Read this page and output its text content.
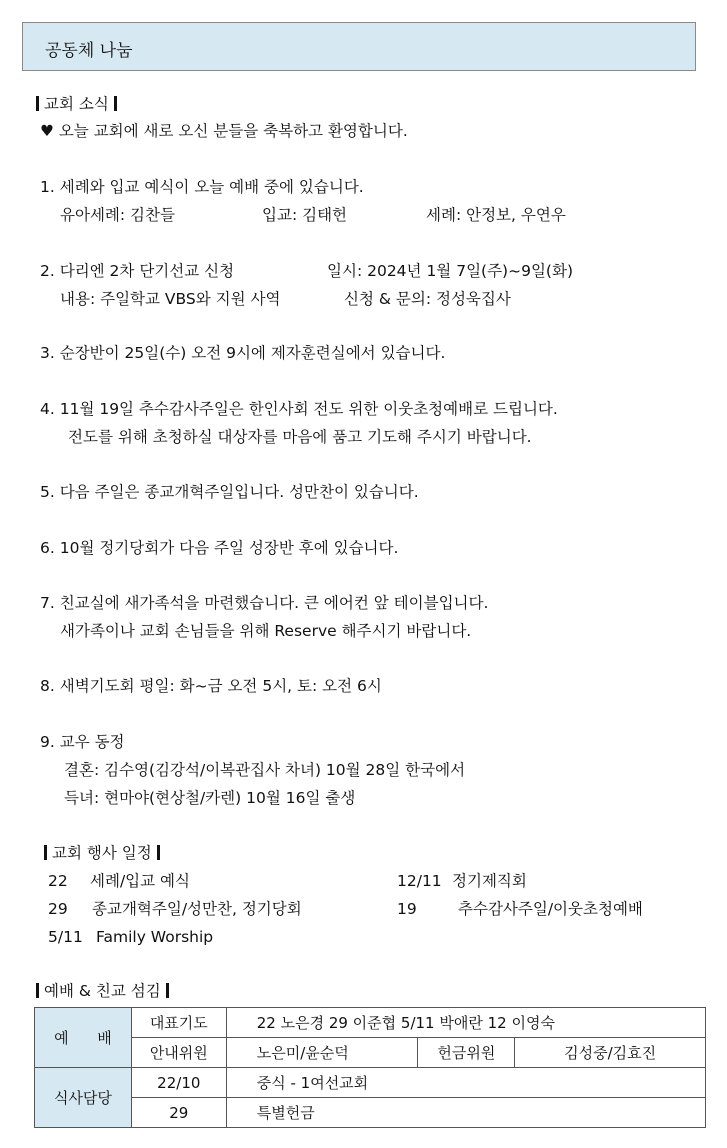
공동체 나눔
교회 소식
♥ 오늘 교회에 새로 오신 분들을 축복하고 환영합니다.
1. 세례와 입교 예식이 오늘 예배 중에 있습니다.
유아세례: 김찬들	입교: 김태헌	세례: 안정보, 우연우
2. 다리엔 2차 단기선교 신청	일시: 2024년 1월 7일(주)~9일(화)
내용: 주일학교 VBS와 지원 사역	신청 & 문의: 정성욱집사
3. 순장반이 25일(수) 오전 9시에 제자훈련실에서 있습니다.
4. 11월 19일 추수감사주일은 한인사회 전도 위한 이웃초청예배로 드립니다.
전도를 위해 초청하실 대상자를 마음에 품고 기도해 주시기 바랍니다.
5. 다음 주일은 종교개혁주일입니다. 성만찬이 있습니다.
6. 10월 정기당회가 다음 주일 성장반 후에 있습니다.
7. 친교실에 새가족석을 마련했습니다. 큰 에어컨 앞 테이블입니다.
새가족이나 교회 손님들을 위해 Reserve 해주시기 바랍니다.
8. 새벽기도회 평일: 화~금 오전 5시, 토: 오전 6시
9. 교우 동정
결혼: 김수영(김강석/이복관집사 차녀) 10월 28일 한국에서
득녀: 현마야(현상철/카렌) 10월 16일 출생
교회 행사 일정
22 세례/입교 예식	12/11 정기제직회
29 종교개혁주일/성만찬, 정기당회	19	추수감사주일/이웃초청예배
5/11 Family Worship
예배 & 친교 섬김
예      배	대표기도	22 노은경 29 이준협 5/11 박애란 12 이영숙		
	안내위원	노은미/윤순덕	헌금위원	김성중/김효진
식사담당	22/10	중식 - 1여선교회		
	29	특별헌금		
